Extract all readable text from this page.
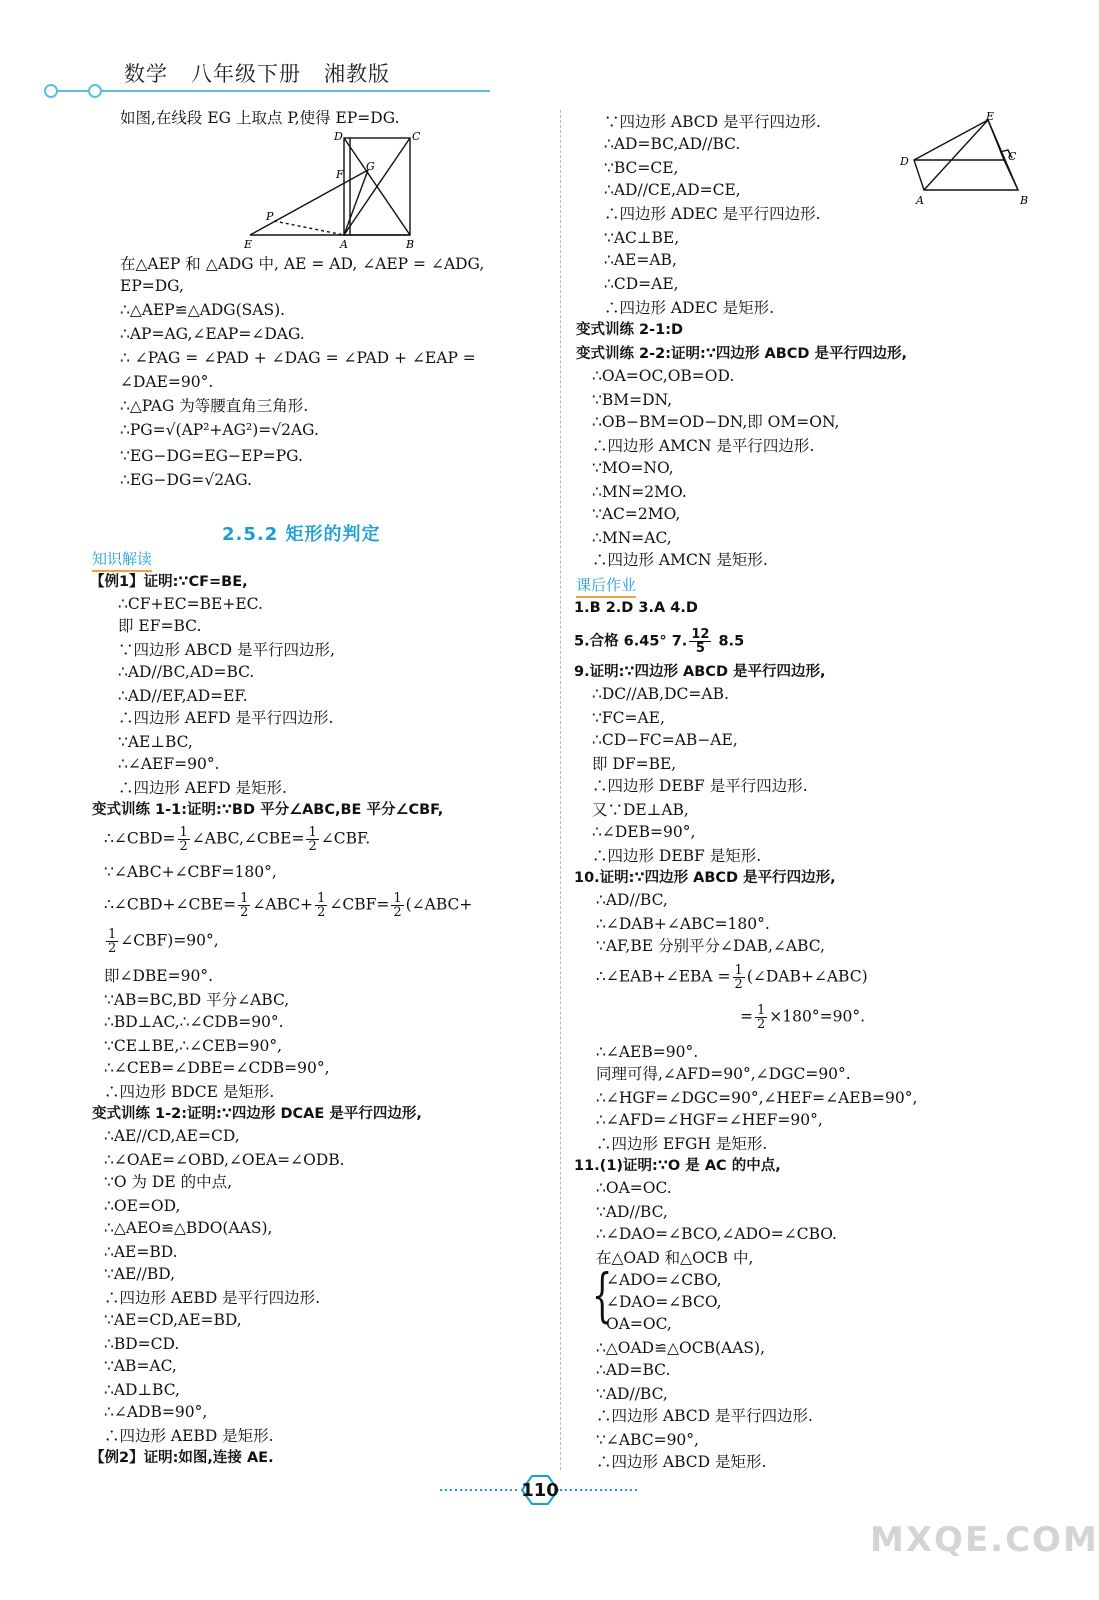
数学   八年级下册   湘教版
D	C
F
G
P
E	A	B
E
D	C
A	B
如图,在线段 EG 上取点 P,使得 EP=DG.
在△AEP 和 △ADG 中, AE = AD, ∠AEP = ∠ADG,
EP=DG,
∴△AEP≌△ADG(SAS).
∴AP=AG,∠EAP=∠DAG.
∴ ∠PAG = ∠PAD + ∠DAG = ∠PAD + ∠EAP =
∠DAE=90°.
∴△PAG 为等腰直角三角形.
∴PG=√(AP²+AG²)=√2AG.
∵EG−DG=EG−EP=PG.
∴EG−DG=√2AG.
2.5.2 矩形的判定
知识解读
【例1】证明:∵CF=BE,
∴CF+EC=BE+EC.
即 EF=BC.
∵四边形 ABCD 是平行四边形,
∴AD//BC,AD=BC.
∴AD//EF,AD=EF.
∴四边形 AEFD 是平行四边形.
∵AE⊥BC,
∴∠AEF=90°.
∴四边形 AEFD 是矩形.
变式训练 1-1:证明:∵BD 平分∠ABC,BE 平分∠CBF,
∴∠CBD= $\frac{1}{2}$ ∠ABC,∠CBE= $\frac{1}{2}$ ∠CBF.
∵∠ABC+∠CBF=180°,
∴∠CBD+∠CBE= $\frac{1}{2}$ ∠ABC+ $\frac{1}{2}$ ∠CBF= $\frac{1}{2}$ (∠ABC+
$\frac{1}{2}$ ∠CBF)=90°,
即∠DBE=90°.
∵AB=BC,BD 平分∠ABC,
∴BD⊥AC,∴∠CDB=90°.
∵CE⊥BE,∴∠CEB=90°,
∴∠CEB=∠DBE=∠CDB=90°,
∴四边形 BDCE 是矩形.
变式训练 1-2:证明:∵四边形 DCAE 是平行四边形,
∴AE//CD,AE=CD,
∴∠OAE=∠OBD,∠OEA=∠ODB.
∵O 为 DE 的中点,
∴OE=OD,
∴△AEO≌△BDO(AAS),
∴AE=BD.
∵AE//BD,
∴四边形 AEBD 是平行四边形.
∵AE=CD,AE=BD,
∴BD=CD.
∵AB=AC,
∴AD⊥BC,
∴∠ADB=90°,
∴四边形 AEBD 是矩形.
【例2】证明:如图,连接 AE.
∵四边形 ABCD 是平行四边形.
∴AD=BC,AD//BC.
∵BC=CE,
∴AD//CE,AD=CE,
∴四边形 ADEC 是平行四边形.
∵AC⊥BE,
∴AE=AB,
∴CD=AE,
∴四边形 ADEC 是矩形.
变式训练 2-1:D
变式训练 2-2:证明:∵四边形 ABCD 是平行四边形,
∴OA=OC,OB=OD.
∵BM=DN,
∴OB−BM=OD−DN,即 OM=ON,
∴四边形 AMCN 是平行四边形.
∵MO=NO,
∴MN=2MO.
∵AC=2MO,
∴MN=AC,
∴四边形 AMCN 是矩形.
课后作业
1.B 2.D 3.A 4.D
5.合格 6.45° 7. $\frac{12}{5} 8.5$
9.证明:∵四边形 ABCD 是平行四边形,
∴DC//AB,DC=AB.
∵FC=AE,
∴CD−FC=AB−AE,
即 DF=BE,
∴四边形 DEBF 是平行四边形.
又∵DE⊥AB,
∴∠DEB=90°,
∴四边形 DEBF 是矩形.
10.证明:∵四边形 ABCD 是平行四边形,
∴AD//BC,
∴∠DAB+∠ABC=180°.
∵AF,BE 分别平分∠DAB,∠ABC,
∴∠EAB+∠EBA = $\frac{1}{2}$ (∠DAB+∠ABC)
= $\frac{1}{2} \times 180^\circ=90^\circ$.
∴∠AEB=90°.
同理可得,∠AFD=90°,∠DGC=90°.
∴∠HGF=∠DGC=90°,∠HEF=∠AEB=90°,
∴∠AFD=∠HGF=∠HEF=90°,
∴四边形 EFGH 是矩形.
11.(1)证明:∵O 是 AC 的中点,
∴OA=OC.
∵AD//BC,
∴∠DAO=∠BCO,∠ADO=∠CBO.
在△OAD 和△OCB 中,
{
∠ADO=∠CBO,
∠DAO=∠BCO,
OA=OC,
∴△OAD≌△OCB(AAS),
∴AD=BC.
∵AD//BC,
∴四边形 ABCD 是平行四边形.
∵∠ABC=90°,
∴四边形 ABCD 是矩形.
110
MXQE.COM
